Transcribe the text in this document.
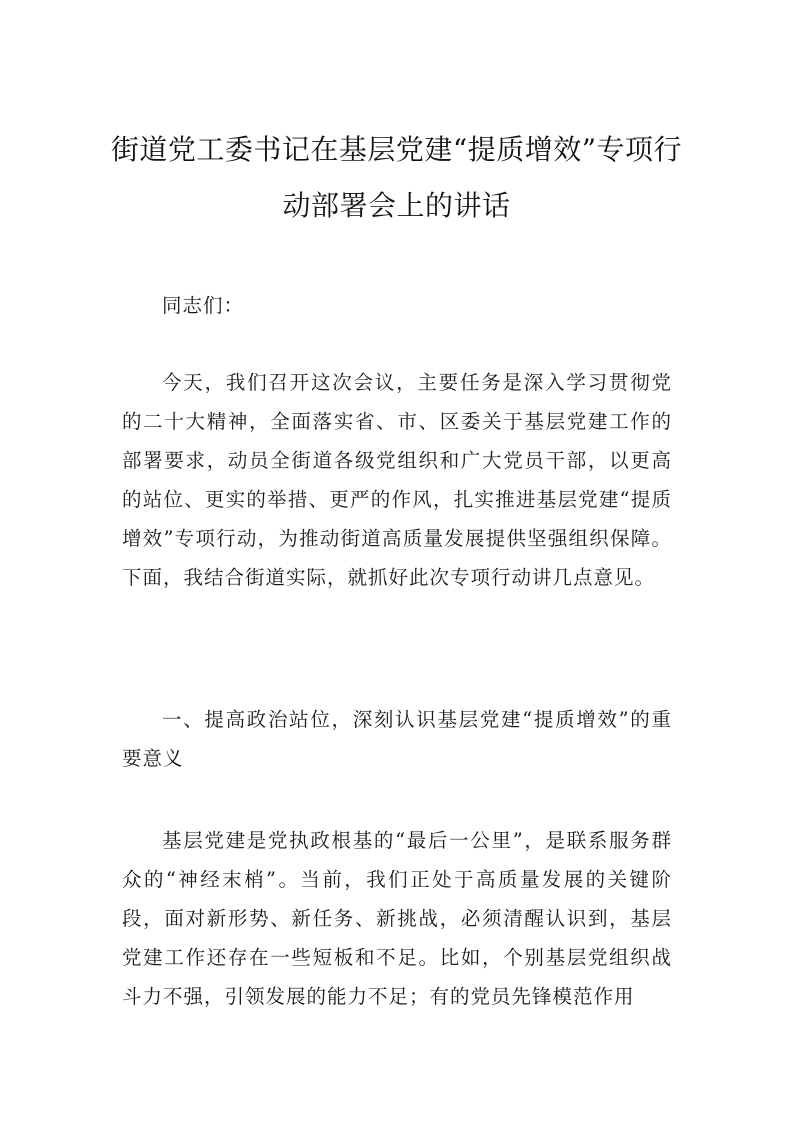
街道党工委书记在基层党建“提质增效”专项行动部署会上的讲话

同志们：

今天，我们召开这次会议，主要任务是深入学习贯彻党的二十大精神，全面落实省、市、区委关于基层党建工作的部署要求，动员全街道各级党组织和广大党员干部，以更高的站位、更实的举措、更严的作风，扎实推进基层党建“提质增效”专项行动，为推动街道高质量发展提供坚强组织保障。下面，我结合街道实际，就抓好此次专项行动讲几点意见。

一、提高政治站位，深刻认识基层党建“提质增效”的重要意义

基层党建是党执政根基的“最后一公里”，是联系服务群众的“神经末梢”。当前，我们正处于高质量发展的关键阶段，面对新形势、新任务、新挑战，必须清醒认识到，基层党建工作还存在一些短板和不足。比如，个别基层党组织战斗力不强，引领发展的能力不足；有的党员先锋模范作用
